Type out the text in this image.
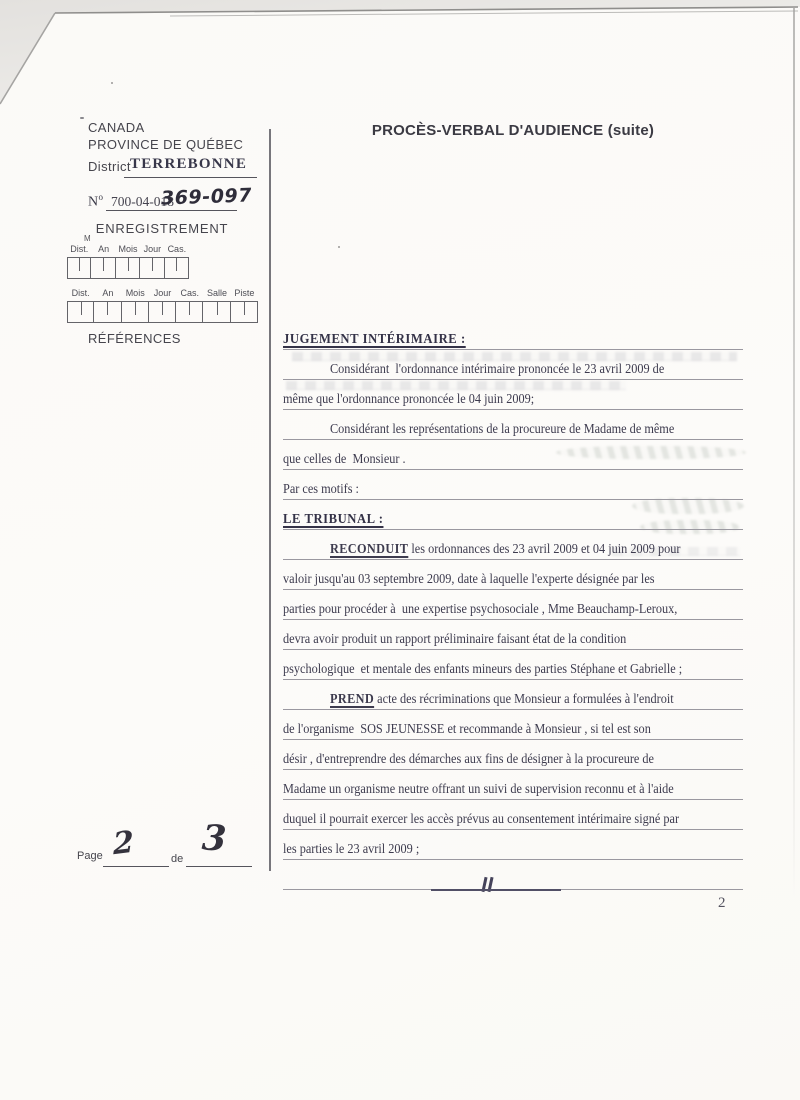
CANADA
PROVINCE DE QUÉBEC
District TERREBONNE
$N^o$ 700-04-018
369-097
ENREGISTREMENT
M
Dist.	An	Mois Jour Cas.
Dist.	An	Mois	Jour	Cas. Salle Piste
RÉFÉRENCES
PROCÈS-VERBAL D'AUDIENCE (suite)
JUGEMENT INTÉRIMAIRE :
Considérant  l'ordonnance intérimaire prononcée le 23 avril 2009 de
même que l'ordonnance prononcée le 04 juin 2009;
Considérant les représentations de la procureure de Madame de même
que celles de  Monsieur .
Par ces motifs :
LE TRIBUNAL :
RECONDUIT les ordonnances des 23 avril 2009 et 04 juin 2009 pour
valoir jusqu'au 03 septembre 2009, date à laquelle l'experte désignée par les
parties pour procéder à  une expertise psychosociale , Mme Beauchamp-Leroux,
devra avoir produit un rapport préliminaire faisant état de la condition
psychologique  et mentale des enfants mineurs des parties Stéphane et Gabrielle ;
PREND acte des récriminations que Monsieur a formulées à l'endroit
de l'organisme  SOS JEUNESSE et recommande à Monsieur , si tel est son
désir , d'entreprendre des démarches aux fins de désigner à la procureure de
Madame un organisme neutre offrant un suivi de supervision reconnu et à l'aide
duquel il pourrait exercer les accès prévus au consentement intérimaire signé par
les parties le 23 avril 2009 ;
Page 2	de 3
2
